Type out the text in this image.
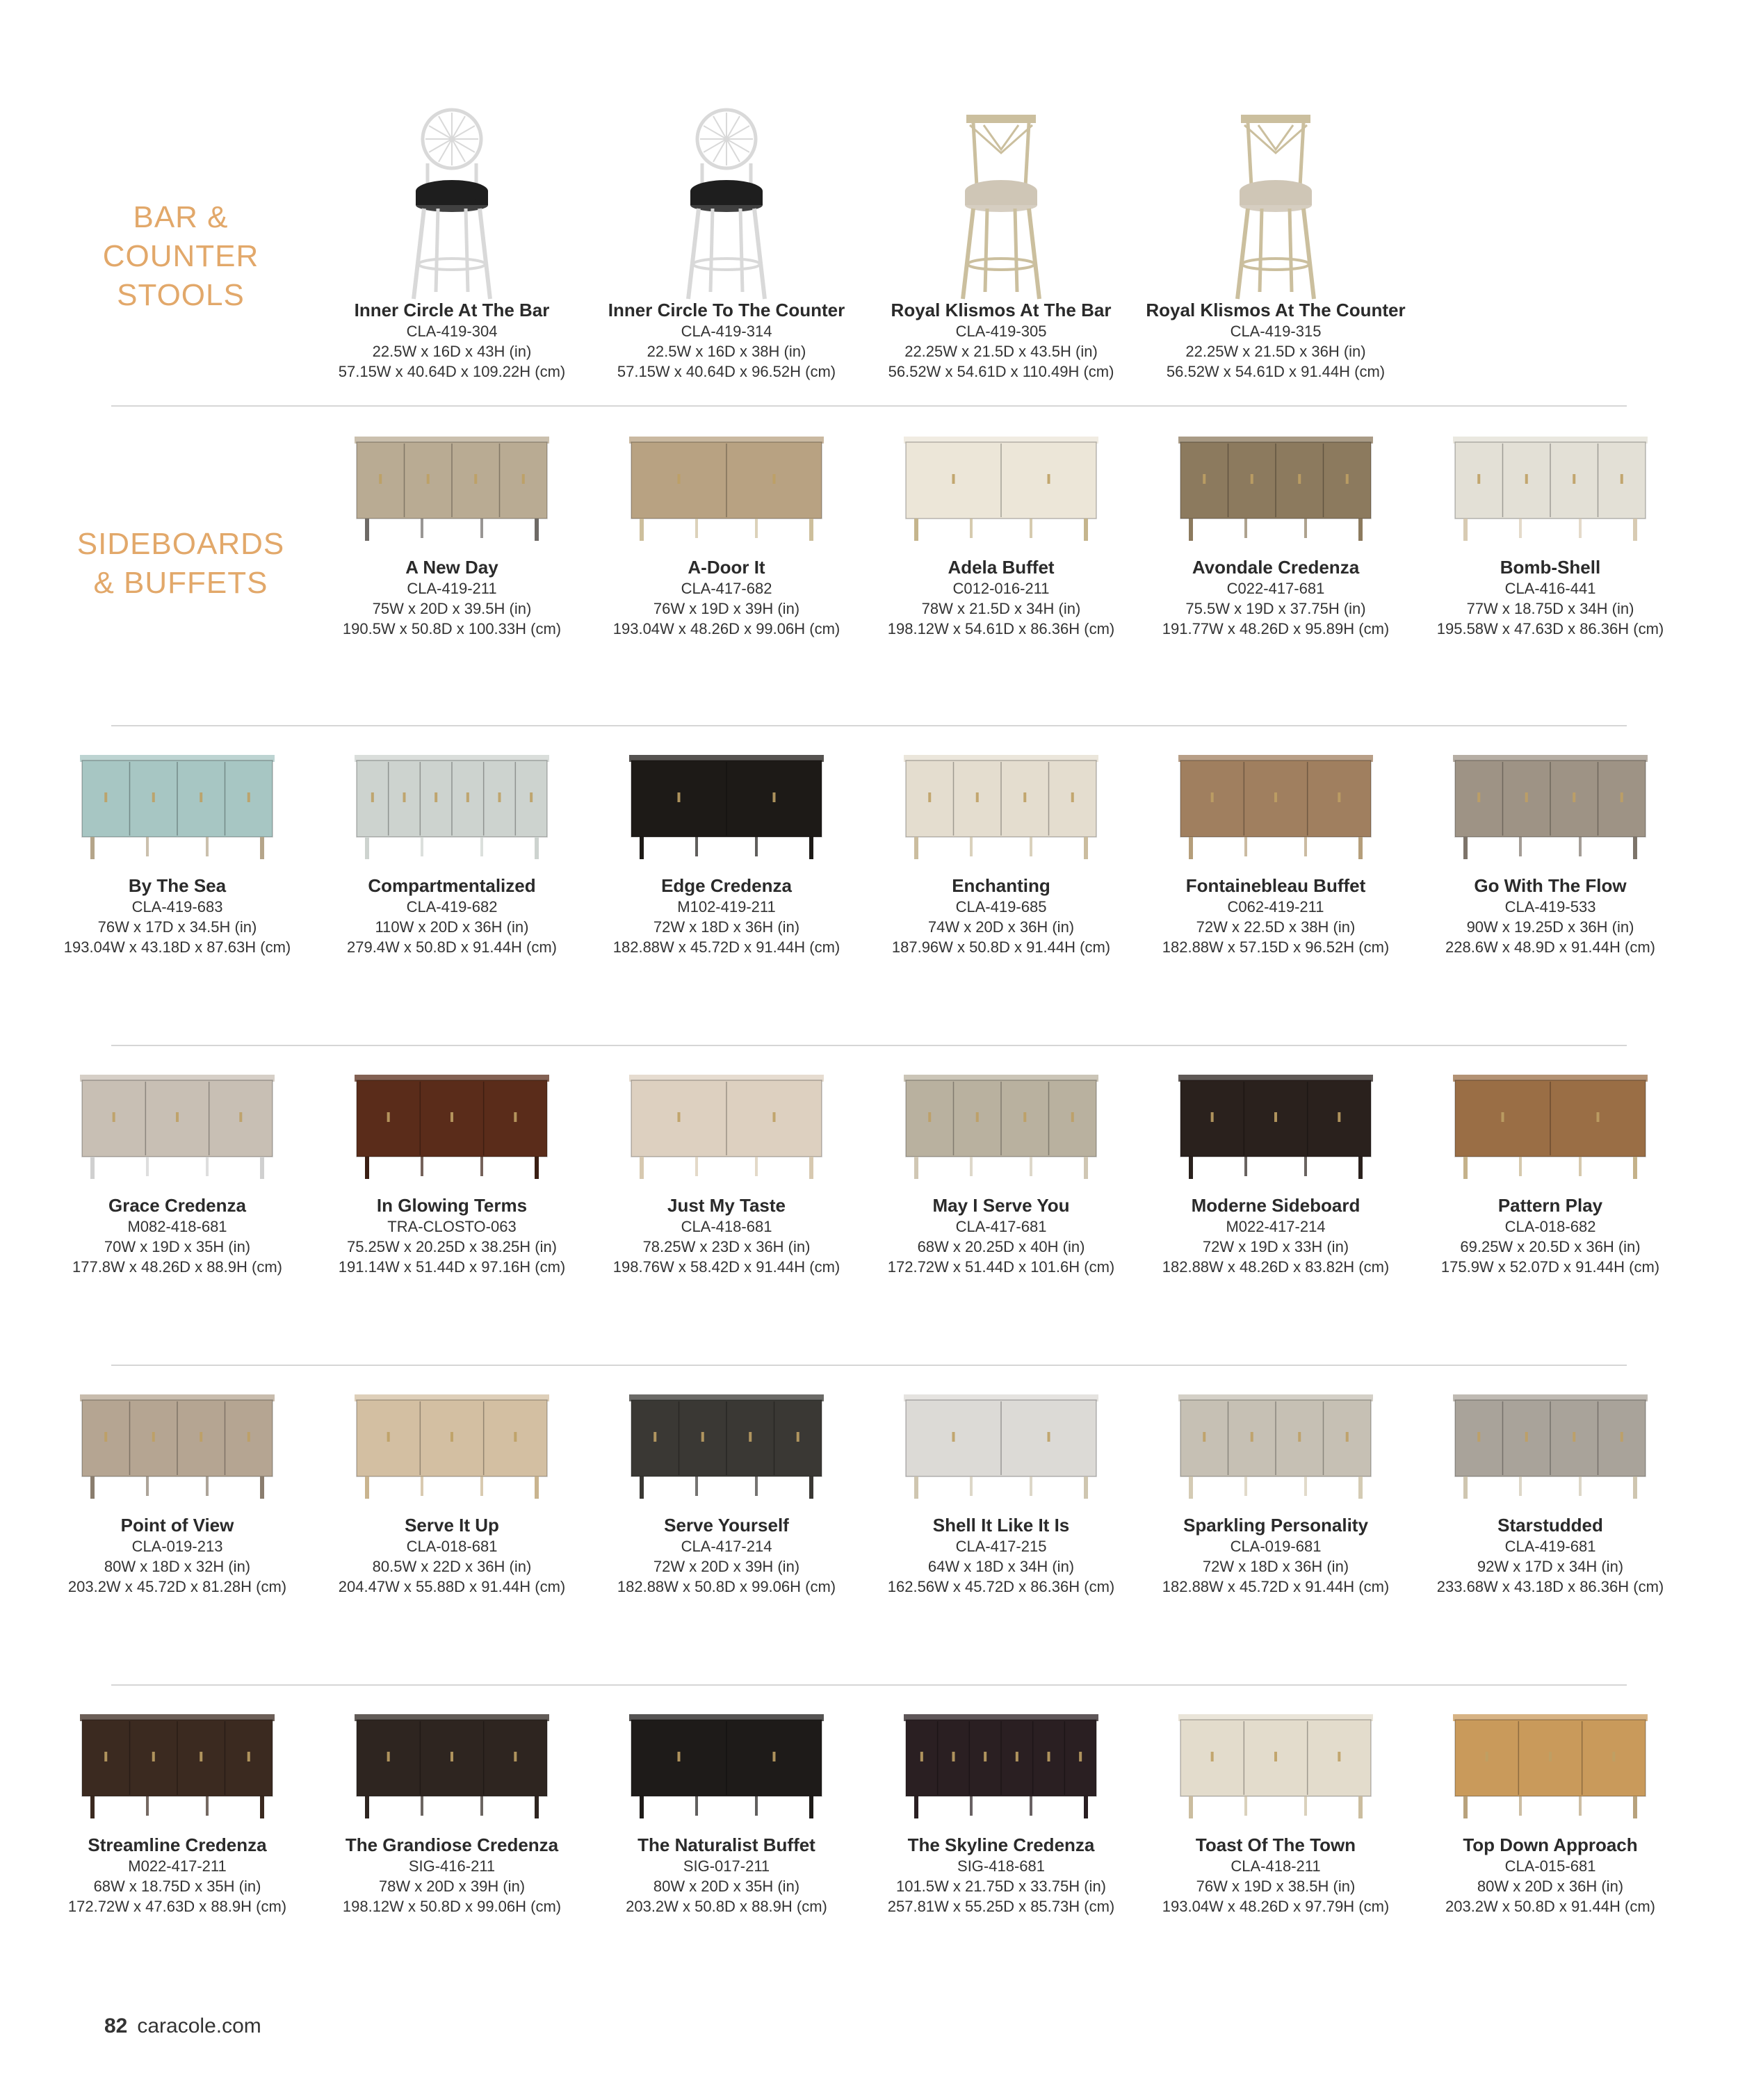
BAR &
COUNTER
STOOLS
SIDEBOARDS
& BUFFETS
Inner Circle At The Bar
CLA-419-304
22.5W x 16D x 43H (in)
57.15W x 40.64D x 109.22H (cm)
Inner Circle To The Counter
CLA-419-314
22.5W x 16D x 38H (in)
57.15W x 40.64D x 96.52H (cm)
Royal Klismos At The Bar
CLA-419-305
22.25W x 21.5D x 43.5H (in)
56.52W x 54.61D x 110.49H (cm)
Royal Klismos At The Counter
CLA-419-315
22.25W x 21.5D x 36H (in)
56.52W x 54.61D x 91.44H (cm)
A New Day
CLA-419-211
75W x 20D x 39.5H (in)
190.5W x 50.8D x 100.33H (cm)
A-Door It
CLA-417-682
76W x 19D x 39H (in)
193.04W x 48.26D x 99.06H (cm)
Adela Buffet
C012-016-211
78W x 21.5D x 34H (in)
198.12W x 54.61D x 86.36H (cm)
Avondale Credenza
C022-417-681
75.5W x 19D x 37.75H (in)
191.77W x 48.26D x 95.89H (cm)
Bomb-Shell
CLA-416-441
77W x 18.75D x 34H (in)
195.58W x 47.63D x 86.36H (cm)
By The Sea
CLA-419-683
76W x 17D x 34.5H (in)
193.04W x 43.18D x 87.63H (cm)
Compartmentalized
CLA-419-682
110W x 20D x 36H (in)
279.4W x 50.8D x 91.44H (cm)
Edge Credenza
M102-419-211
72W x 18D x 36H (in)
182.88W x 45.72D x 91.44H (cm)
Enchanting
CLA-419-685
74W x 20D x 36H (in)
187.96W x 50.8D x 91.44H (cm)
Fontainebleau Buffet
C062-419-211
72W x 22.5D x 38H (in)
182.88W x 57.15D x 96.52H (cm)
Go With The Flow
CLA-419-533
90W x 19.25D x 36H (in)
228.6W x 48.9D x 91.44H (cm)
Grace Credenza
M082-418-681
70W x 19D x 35H (in)
177.8W x 48.26D x 88.9H (cm)
In Glowing Terms
TRA-CLOSTO-063
75.25W x 20.25D x 38.25H (in)
191.14W x 51.44D x 97.16H (cm)
Just My Taste
CLA-418-681
78.25W x 23D x 36H (in)
198.76W x 58.42D x 91.44H (cm)
May I Serve You
CLA-417-681
68W x 20.25D x 40H (in)
172.72W x 51.44D x 101.6H (cm)
Moderne Sideboard
M022-417-214
72W x 19D x 33H (in)
182.88W x 48.26D x 83.82H (cm)
Pattern Play
CLA-018-682
69.25W x 20.5D x 36H (in)
175.9W x 52.07D x 91.44H (cm)
Point of View
CLA-019-213
80W x 18D x 32H (in)
203.2W x 45.72D x 81.28H (cm)
Serve It Up
CLA-018-681
80.5W x 22D x 36H (in)
204.47W x 55.88D x 91.44H (cm)
Serve Yourself
CLA-417-214
72W x 20D x 39H (in)
182.88W x 50.8D x 99.06H (cm)
Shell It Like It Is
CLA-417-215
64W x 18D x 34H (in)
162.56W x 45.72D x 86.36H (cm)
Sparkling Personality
CLA-019-681
72W x 18D x 36H (in)
182.88W x 45.72D x 91.44H (cm)
Starstudded
CLA-419-681
92W x 17D x 34H (in)
233.68W x 43.18D x 86.36H (cm)
Streamline Credenza
M022-417-211
68W x 18.75D x 35H (in)
172.72W x 47.63D x 88.9H (cm)
The Grandiose Credenza
SIG-416-211
78W x 20D x 39H (in)
198.12W x 50.8D x 99.06H (cm)
The Naturalist Buffet
SIG-017-211
80W x 20D x 35H (in)
203.2W x 50.8D x 88.9H (cm)
The Skyline Credenza
SIG-418-681
101.5W x 21.75D x 33.75H (in)
257.81W x 55.25D x 85.73H (cm)
Toast Of The Town
CLA-418-211
76W x 19D x 38.5H (in)
193.04W x 48.26D x 97.79H (cm)
Top Down Approach
CLA-015-681
80W x 20D x 36H (in)
203.2W x 50.8D x 91.44H (cm)
82 caracole.com
